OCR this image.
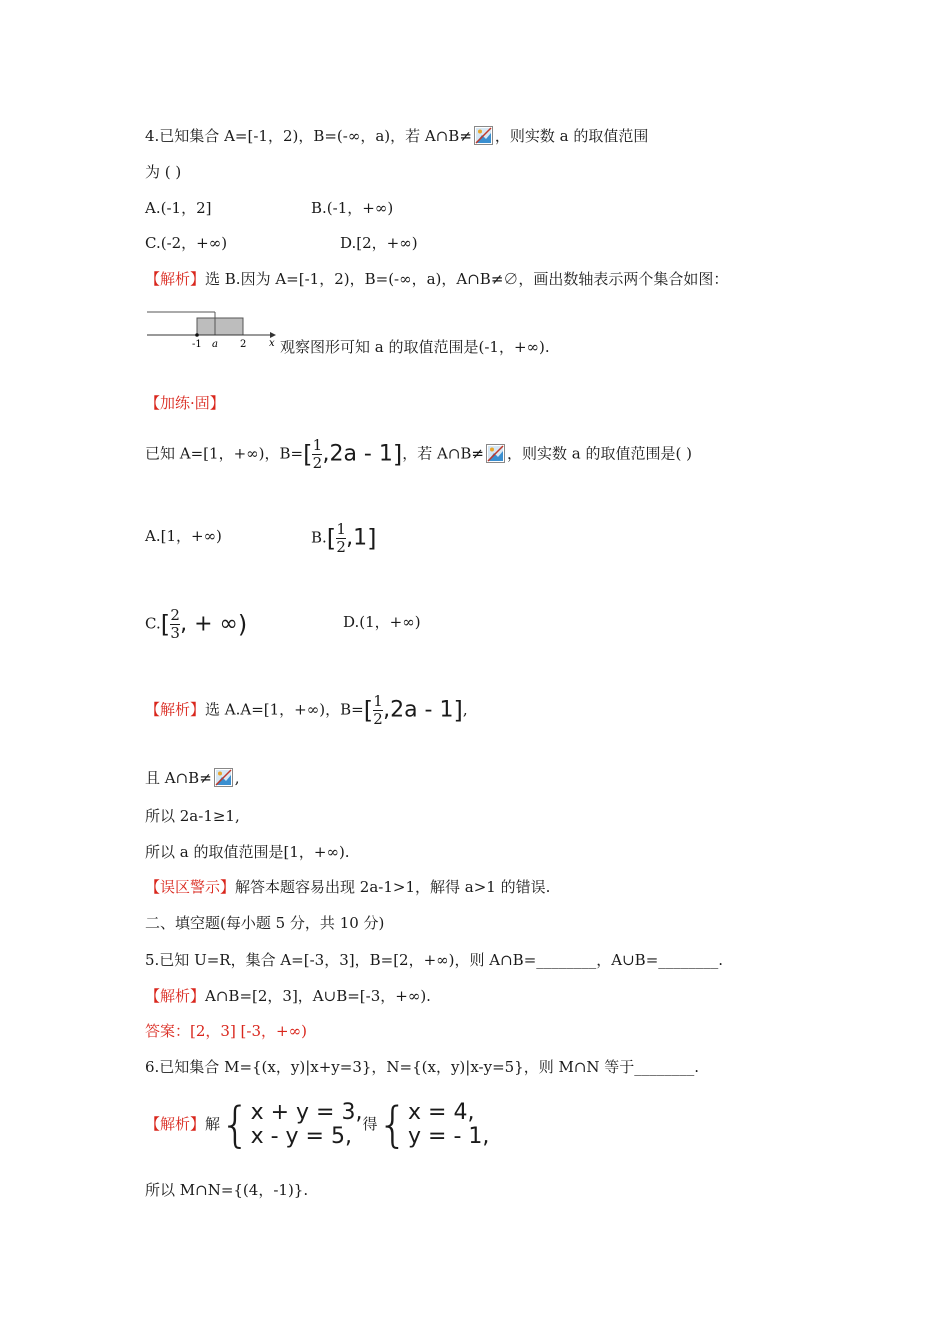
4.已知集合 A=[-1，2)，B=(-∞，a)，若 A∩B≠ ，则实数 a 的取值范围
为 ( )
A.(-1，2]	B.(-1，+∞)
C.(-2，+∞)	D.[2，+∞)
【解析】选 B.因为 A=[-1，2)，B=(-∞，a)，A∩B≠∅，画出数轴表示两个集合如图：
-1 a 2 x 观察图形可知 a 的取值范围是(-1，+∞).
【加练·固】
已知 A=[1，+∞)，$B=[ \frac{1}{2} ,2a - 1]$，若 A∩B≠ ，则实数 a 的取值范围是( )
A.[1，+∞)	$B.[ \frac{1}{2} ,1]$
$C.[ \frac{2}{3}$ , + ∞)	D.(1，+∞)
【解析】选 A.A=[1，+∞)，$B=[ \frac{1}{2} ,2a - 1]$,
且 A∩B≠ ,
所以 2a-1≥1,
所以 a 的取值范围是[1，+∞).
【误区警示】解答本题容易出现 2a-1>1，解得 a>1 的错误.
二、填空题(每小题 5 分，共 10 分)
5.已知 U=R，集合 A=[-3，3]，B=[2，+∞)，则 A∩B=________，A∪B=________.
【解析】A∩B=[2，3]，A∪B=[-3，+∞).
答案：[2，3] [-3，+∞)
6.已知集合 M={(x，y)|x+y=3}，N={(x，y)|x-y=5}，则 M∩N 等于________.
【解析】解{ x + y = 3,
x - y = 5, 得{ x = 4,
y = - 1,
所以 M∩N={(4，-1)}.
